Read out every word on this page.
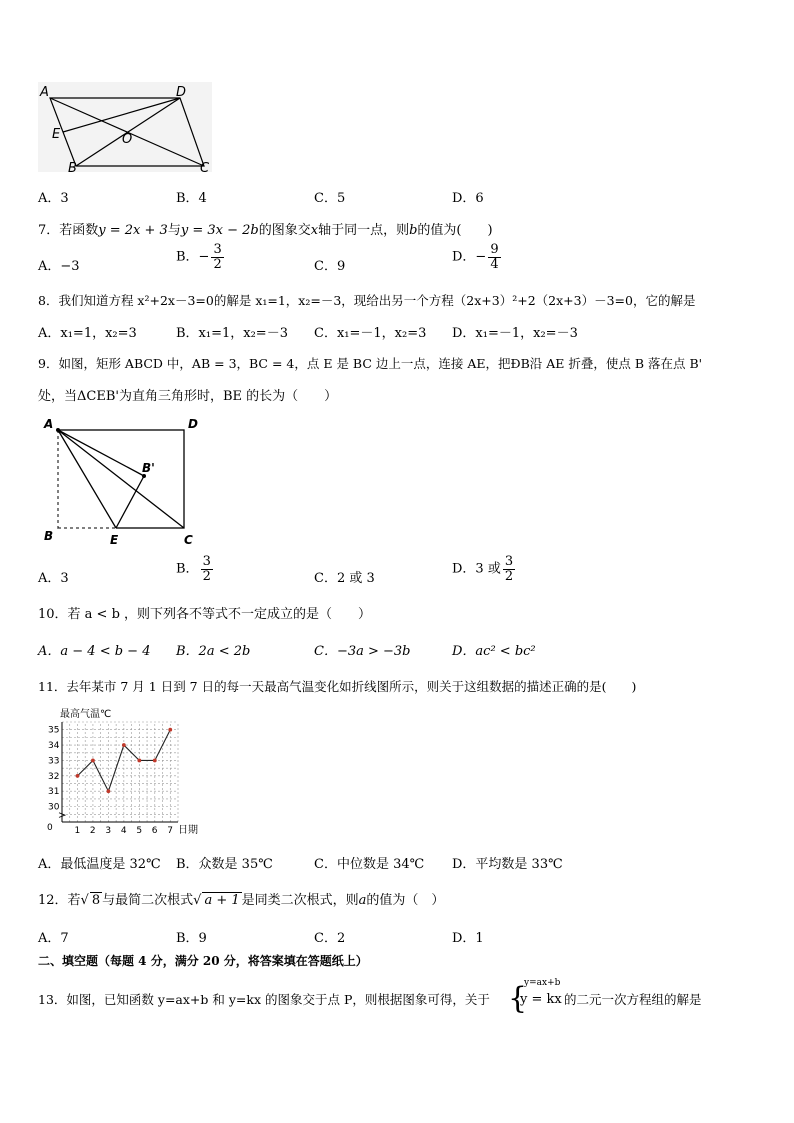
A	D
E	O
B	C
A．3	B．4	C．5	D．6
7．若函数y = 2x + 3与y = 3x − 2b的图象交x轴于同一点，则b的值为(　　)
A．−3
B．− $\frac{3}{2}$	C．9
D．− $\frac{9}{4}$
8．我们知道方程 x²+2x－3=0的解是 x₁=1，x₂=－3，现给出另一个方程（2x+3）²+2（2x+3）－3=0，它的解是
A．x₁=1，x₂=3	B．x₁=1，x₂=－3 C．x₁=－1，x₂=3 D．x₁=－1，x₂=－3
9．如图，矩形 ABCD 中，AB = 3，BC = 4，点 E 是 BC 边上一点，连接 AE，把ÐB沿 AE 折叠，使点 B 落在点 B'
处，当ΔCEB'为直角三角形时，BE 的长为（　　）
A	D
B'
B	E	C
A．3
B． $\frac{3}{2}$	C．2 或 3
D．3 或 $\frac{3}{2}$
10．若 a < b ，则下列各不等式不一定成立的是（　　）
A．a − 4 < b − 4 B．2a < 2b	C．−3a > −3b	D．ac² < bc²
11．去年某市 7 月 1 日到 7 日的每一天最高气温变化如折线图所示，则关于这组数据的描述正确的是(　　)
最高气温℃
日期
0
30
31
32
33
34
35
1 2 3 4 5 6 7
A．最低温度是 32℃ B．众数是 35℃	C．中位数是 34℃ D．平均数是 33℃
12．若√ 8 与最简二次根式√ a + 1 是同类二次根式，则a的值为（　）
A．7	B．9	C．2	D．1
二、填空题（每题 4 分，满分 20 分，将答案填在答题纸上）
13．如图，已知函数 y=ax+b 和 y=kx 的图象交于点 P，则根据图象可得，关于 {
y=ax+b
y = kx 的二元一次方程组的解是
